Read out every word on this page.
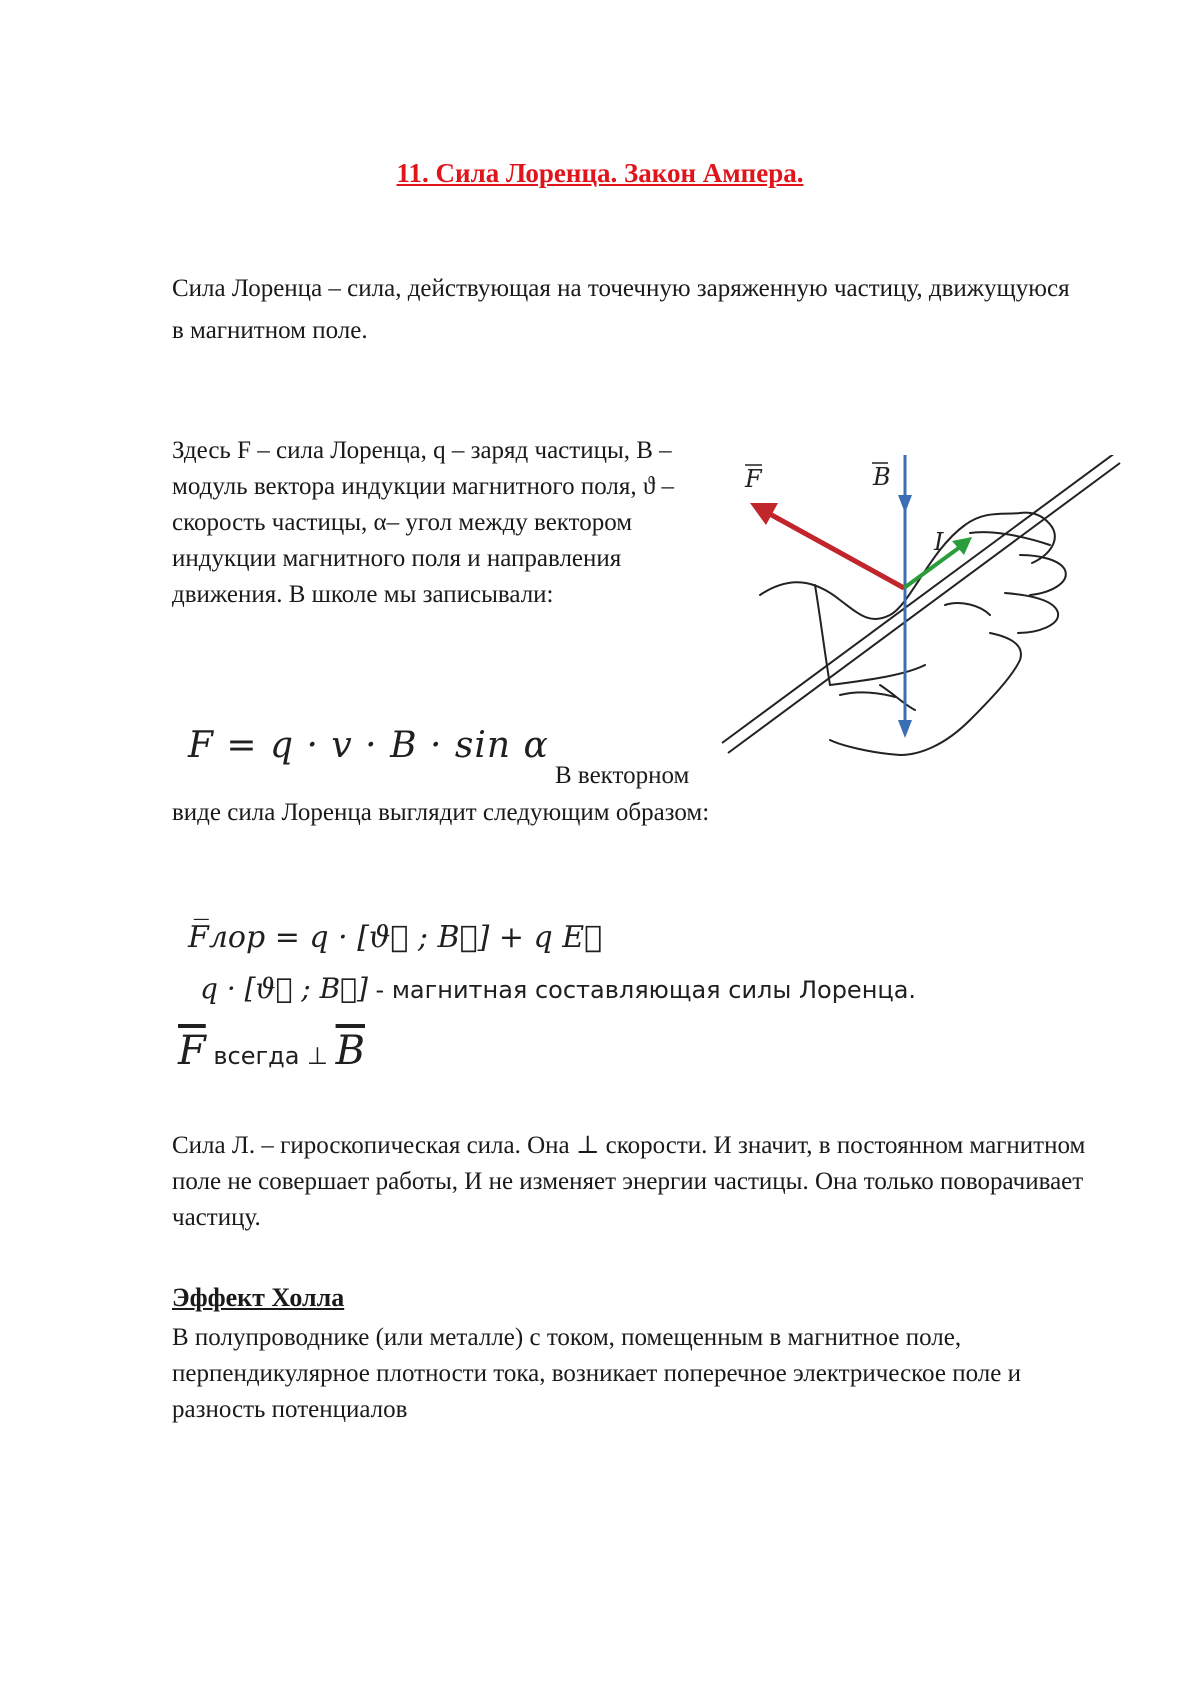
11. Сила Лоренца. Закон Ампера.
Сила Лоренца – сила, действующая на точечную заряженную частицу, движущуюся в магнитном поле.
Здесь F – сила Лоренца, q – заряд частицы, B – модуль вектора индукции магнитного поля, ϑ – скорость частицы, α– угол между вектором индукции магнитного поля и направления движения. В школе мы записывали:
F = q · v · B · sin α
В векторном
виде сила Лоренца выглядит следующим образом:
F̅лор = q · [ϑ⃗ ; B⃗] + q E⃗
q · [ϑ⃗ ; B⃗] - магнитная составляющая силы Лоренца.
$\overline{F}$ всегда ⊥ $\overline{B}$
Сила Л. – гироскопическая сила. Она ⊥ скорости. И значит, в постоянном магнитном поле не совершает работы, И не изменяет энергии частицы. Она только поворачивает частицу.
Эффект Холла
В полупроводнике (или металле) с током, помещенным в магнитное поле, перпендикулярное плотности тока, возникает поперечное электрическое поле и разность потенциалов
F	B
I
